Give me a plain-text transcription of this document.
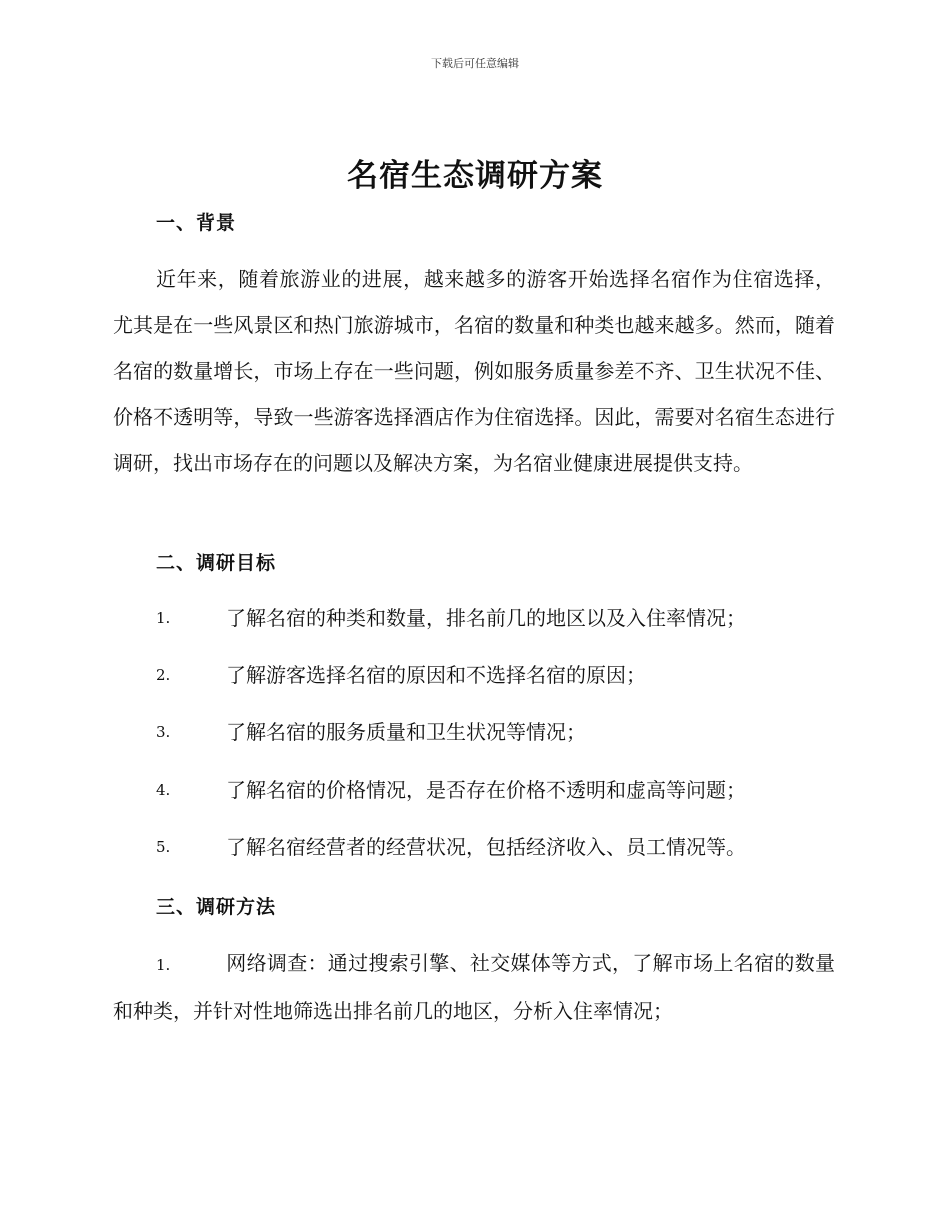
下载后可任意编辑
名宿生态调研方案
一、背景

近年来，随着旅游业的进展，越来越多的游客开始选择名宿作为住宿选择，尤其是在一些风景区和热门旅游城市，名宿的数量和种类也越来越多。然而，随着名宿的数量增长，市场上存在一些问题，例如服务质量参差不齐、卫生状况不佳、价格不透明等，导致一些游客选择酒店作为住宿选择。因此，需要对名宿生态进行调研，找出市场存在的问题以及解决方案，为名宿业健康进展提供支持。

二、调研目标
1.	了解名宿的种类和数量，排名前几的地区以及入住率情况；
2.	了解游客选择名宿的原因和不选择名宿的原因；
3.	了解名宿的服务质量和卫生状况等情况；
4.	了解名宿的价格情况，是否存在价格不透明和虚高等问题；
5.	了解名宿经营者的经营状况，包括经济收入、员工情况等。
三、调研方法

1.	网络调查：通过搜索引擎、社交媒体等方式，了解市场上名宿的数量和种类，并针对性地筛选出排名前几的地区，分析入住率情况；
